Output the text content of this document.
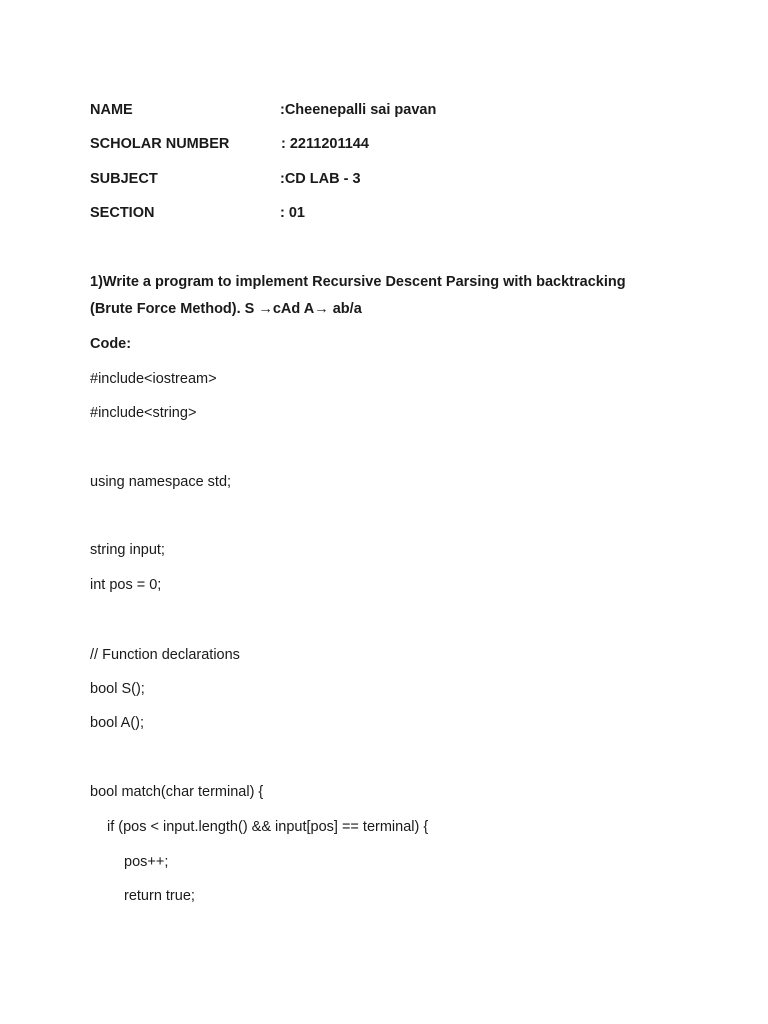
NAME	:Cheenepalli sai pavan
SCHOLAR NUMBER	: 2211201144
SUBJECT	:CD LAB - 3
SECTION	: 01
1)Write a program to implement Recursive Descent Parsing with backtracking
(Brute Force Method). S →cAd A→ ab/a
Code:
#include<iostream>
#include<string>
using namespace std;
string input;
int pos = 0;
// Function declarations
bool S();
bool A();
bool match(char terminal) {
if (pos < input.length() && input[pos] == terminal) {
pos++;
return true;
